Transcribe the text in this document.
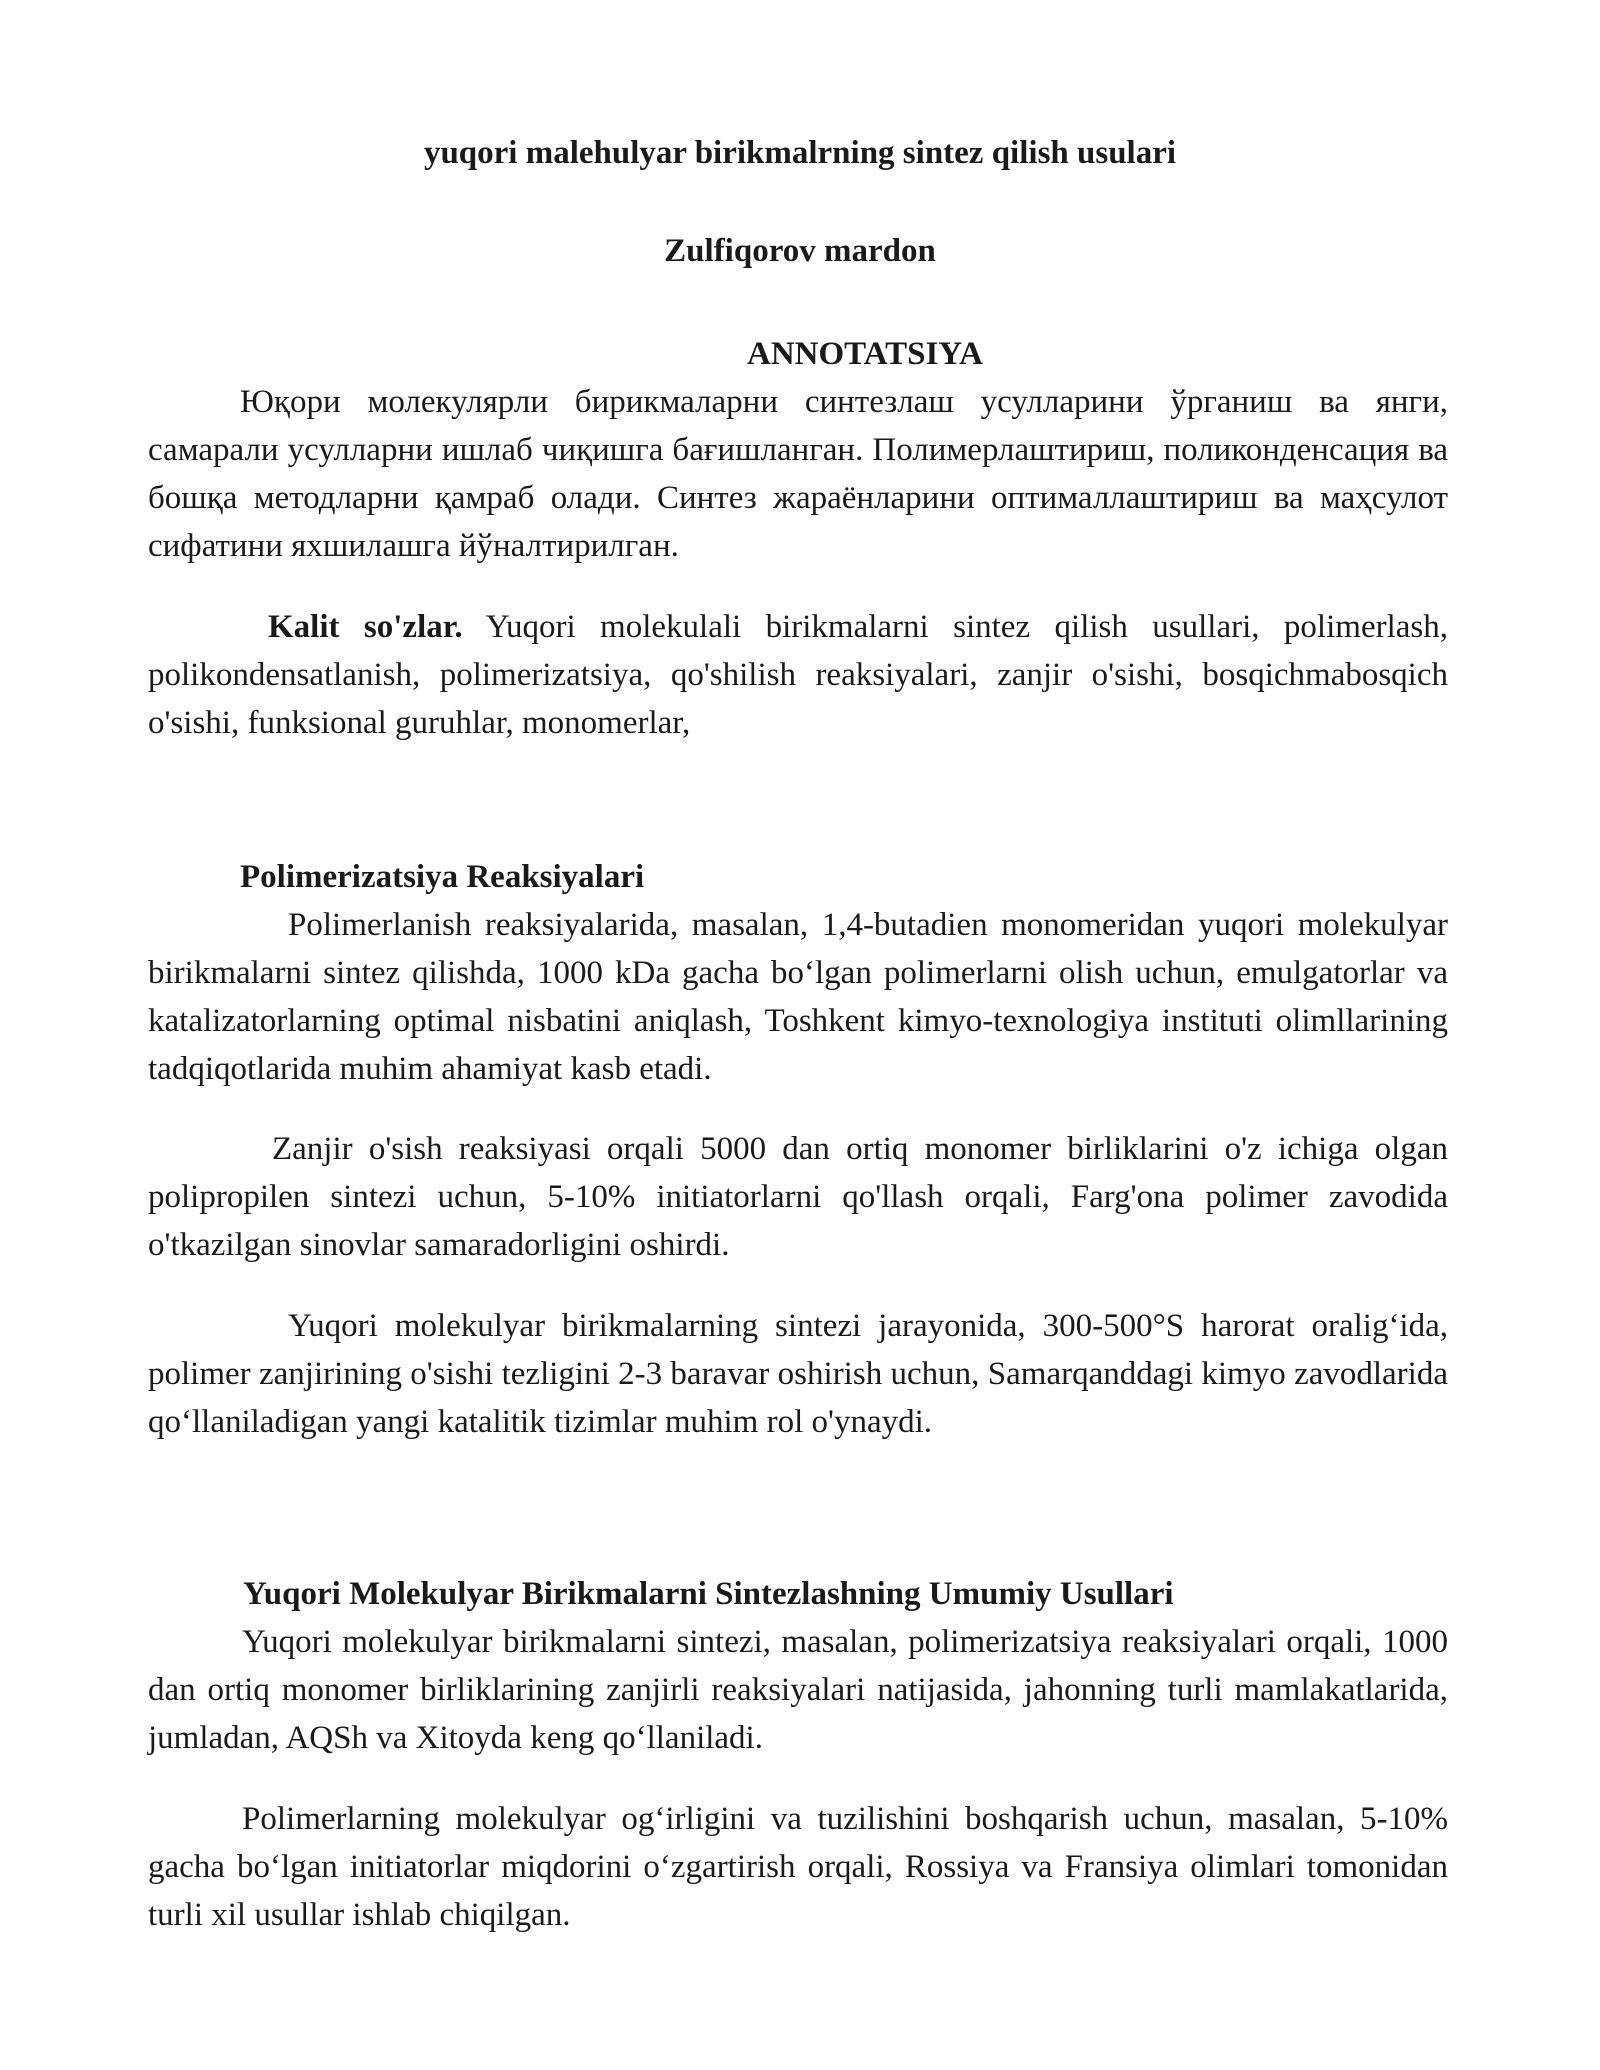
yuqori malehulyar birikmalrning sintez qilish usulari
Zulfiqorov mardon
ANNOTATSIYA

Юқори молекулярли бирикмаларни синтезлаш усулларини ўрганиш ва янги, самарали усулларни ишлаб чиқишга бағишланган. Полимерлаштириш, поликонденсация ва бошқа методларни қамраб олади. Синтез жараёнларини оптималлаштириш ва маҳсулот сифатини яхшилашга йўналтирилган.

Kalit so'zlar. Yuqori molekulali birikmalarni sintez qilish usullari, polimerlash, polikondensatlanish, polimerizatsiya, qo'shilish reaksiyalari, zanjir o'sishi, bosqichmabosqich o'sishi, funksional guruhlar, monomerlar,

Polimerizatsiya Reaksiyalari

Polimerlanish reaksiyalarida, masalan, 1,4-butadien monomeridan yuqori molekulyar birikmalarni sintez qilishda, 1000 kDa gacha boʻlgan polimerlarni olish uchun, emulgatorlar va katalizatorlarning optimal nisbatini aniqlash, Toshkent kimyo-texnologiya instituti olimllarining tadqiqotlarida muhim ahamiyat kasb etadi.

Zanjir o'sish reaksiyasi orqali 5000 dan ortiq monomer birliklarini o'z ichiga olgan polipropilen sintezi uchun, 5-10% initiatorlarni qo'llash orqali, Farg'ona polimer zavodida o'tkazilgan sinovlar samaradorligini oshirdi.

Yuqori molekulyar birikmalarning sintezi jarayonida, 300-500°S harorat oraligʻida, polimer zanjirining o'sishi tezligini 2-3 baravar oshirish uchun, Samarqanddagi kimyo zavodlarida qoʻllaniladigan yangi katalitik tizimlar muhim rol o'ynaydi.

Yuqori Molekulyar Birikmalarni Sintezlashning Umumiy Usullari

Yuqori molekulyar birikmalarni sintezi, masalan, polimerizatsiya reaksiyalari orqali, 1000 dan ortiq monomer birliklarining zanjirli reaksiyalari natijasida, jahonning turli mamlakatlarida, jumladan, AQSh va Xitoyda keng qoʻllaniladi.

Polimerlarning molekulyar ogʻirligini va tuzilishini boshqarish uchun, masalan, 5-10% gacha boʻlgan initiatorlar miqdorini oʻzgartirish orqali, Rossiya va Fransiya olimlari tomonidan turli xil usullar ishlab chiqilgan.
